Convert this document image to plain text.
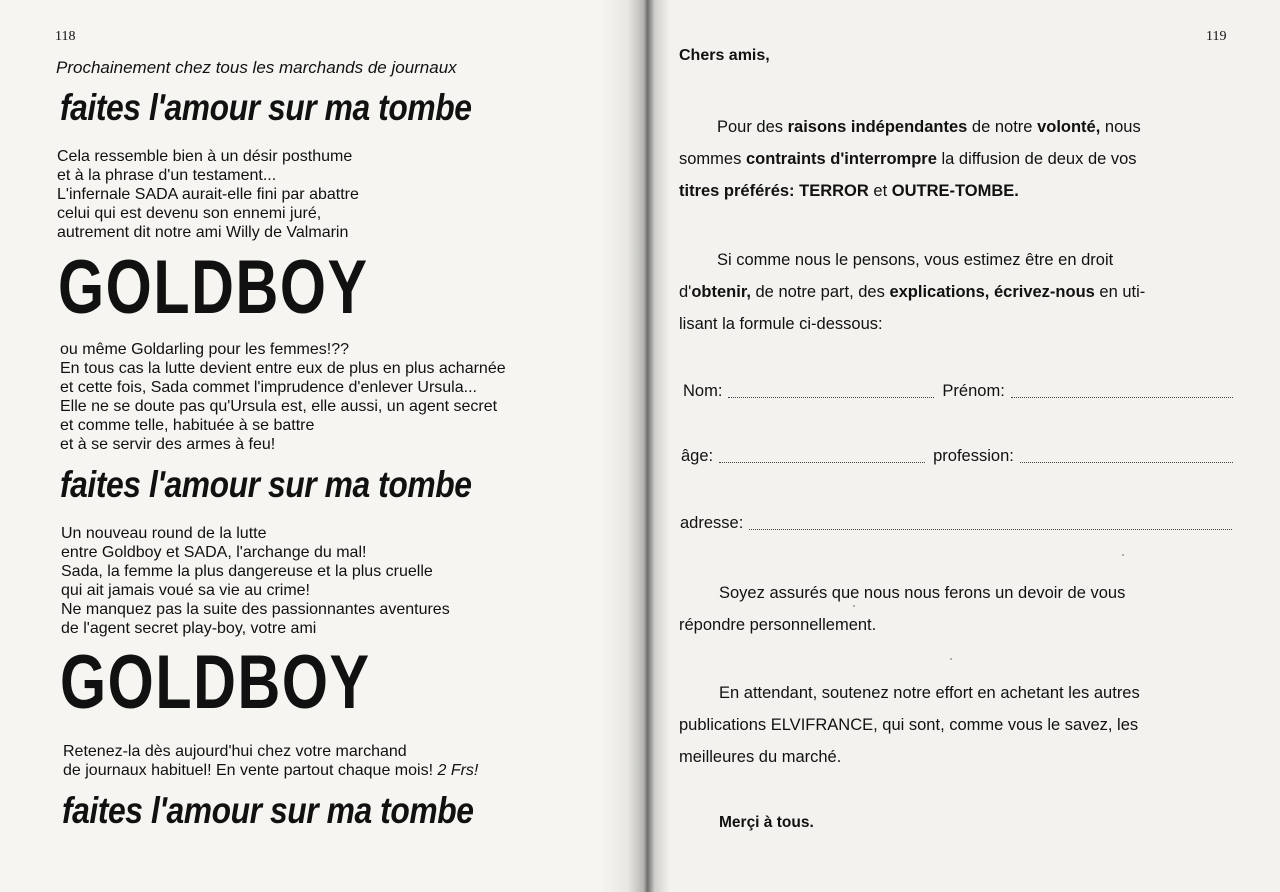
118
Prochainement chez tous les marchands de journaux
faites l'amour sur ma tombe
Cela ressemble bien à un désir posthume
et à la phrase d'un testament...
L'infernale SADA aurait-elle fini par abattre
celui qui est devenu son ennemi juré,
autrement dit notre ami Willy de Valmarin
GOLDBOY
ou même Goldarling pour les femmes!??
En tous cas la lutte devient entre eux de plus en plus acharnée
et cette fois, Sada commet l'imprudence d'enlever Ursula...
Elle ne se doute pas qu'Ursula est, elle aussi, un agent secret
et comme telle, habituée à se battre
et à se servir des armes à feu!
faites l'amour sur ma tombe
Un nouveau round de la lutte
entre Goldboy et SADA, l'archange du mal!
Sada, la femme la plus dangereuse et la plus cruelle
qui ait jamais voué sa vie au crime!
Ne manquez pas la suite des passionnantes aventures
de l'agent secret play-boy, votre ami
GOLDBOY
Retenez-la dès aujourd'hui chez votre marchand
de journaux habituel! En vente partout chaque mois! 2 Frs!
faites l'amour sur ma tombe
119
Chers amis,
Pour des raisons indépendantes de notre volonté, nous
sommes contraints d'interrompre la diffusion de deux de vos
titres préférés: TERROR et OUTRE-TOMBE.
Si comme nous le pensons, vous estimez être en droit
d'obtenir, de notre part, des explications, écrivez-nous en uti-
lisant la formule ci-dessous:
Nom:	Prénom:
âge:	profession:
adresse:
Soyez assurés que nous nous ferons un devoir de vous
répondre personnellement.
En attendant, soutenez notre effort en achetant les autres
publications ELVIFRANCE, qui sont, comme vous le savez, les
meilleures du marché.
Merçi à tous.
